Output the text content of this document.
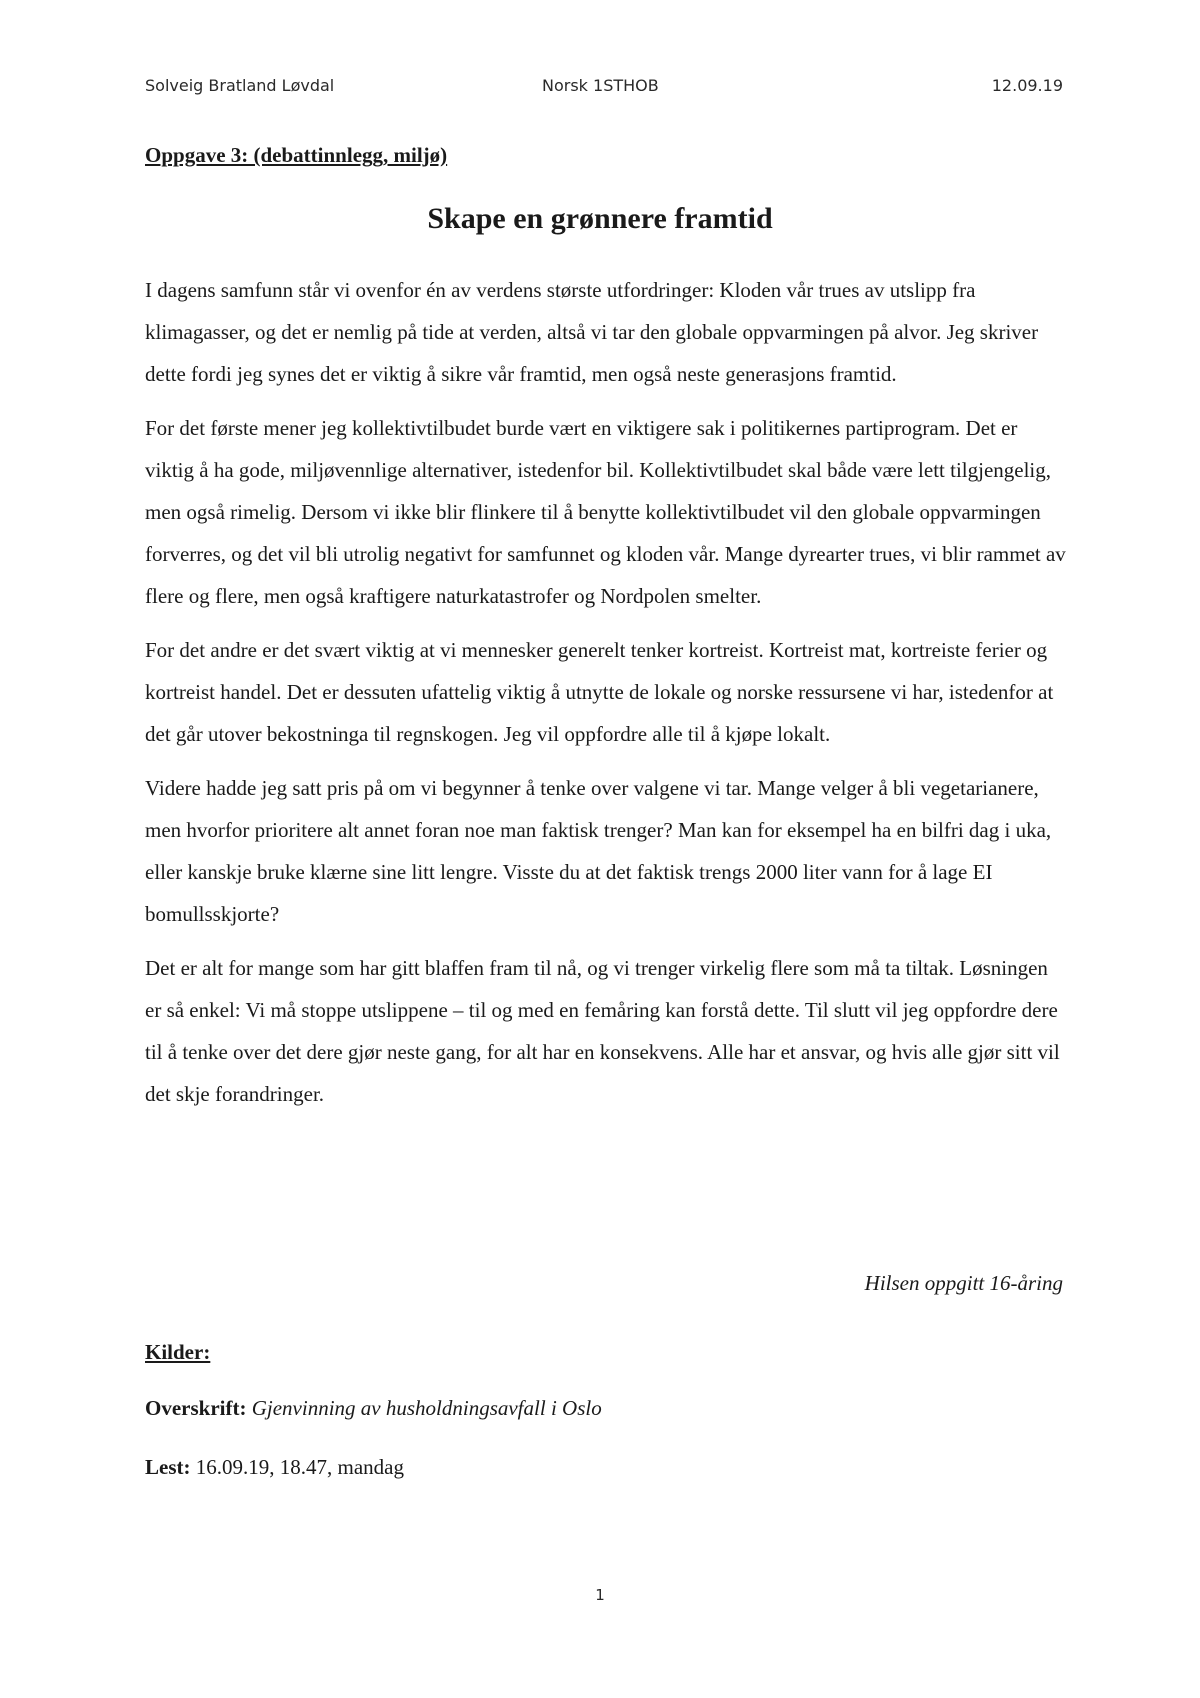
Solveig Bratland Løvdal	Norsk 1STHOB	12.09.19
Oppgave 3: (debattinnlegg, miljø)
Skape en grønnere framtid

I dagens samfunn står vi ovenfor én av verdens største utfordringer: Kloden vår trues av utslipp fra klimagasser, og det er nemlig på tide at verden, altså vi tar den globale oppvarmingen på alvor. Jeg skriver dette fordi jeg synes det er viktig å sikre vår framtid, men også neste generasjons framtid.

For det første mener jeg kollektivtilbudet burde vært en viktigere sak i politikernes partiprogram. Det er viktig å ha gode, miljøvennlige alternativer, istedenfor bil. Kollektivtilbudet skal både være lett tilgjengelig, men også rimelig. Dersom vi ikke blir flinkere til å benytte kollektivtilbudet vil den globale oppvarmingen forverres, og det vil bli utrolig negativt for samfunnet og kloden vår. Mange dyrearter trues, vi blir rammet av flere og flere, men også kraftigere naturkatastrofer og Nordpolen smelter.

For det andre er det svært viktig at vi mennesker generelt tenker kortreist. Kortreist mat, kortreiste ferier og kortreist handel. Det er dessuten ufattelig viktig å utnytte de lokale og norske ressursene vi har, istedenfor at det går utover bekostninga til regnskogen. Jeg vil oppfordre alle til å kjøpe lokalt.

Videre hadde jeg satt pris på om vi begynner å tenke over valgene vi tar. Mange velger å bli vegetarianere, men hvorfor prioritere alt annet foran noe man faktisk trenger? Man kan for eksempel ha en bilfri dag i uka, eller kanskje bruke klærne sine litt lengre. Visste du at det faktisk trengs 2000 liter vann for å lage EI bomullsskjorte?

Det er alt for mange som har gitt blaffen fram til nå, og vi trenger virkelig flere som må ta tiltak. Løsningen er så enkel: Vi må stoppe utslippene – til og med en femåring kan forstå dette. Til slutt vil jeg oppfordre dere til å tenke over det dere gjør neste gang, for alt har en konsekvens. Alle har et ansvar, og hvis alle gjør sitt vil det skje forandringer.

Hilsen oppgitt 16-åring
Kilder:
Overskrift: Gjenvinning av husholdningsavfall i Oslo
Lest: 16.09.19, 18.47, mandag
1
